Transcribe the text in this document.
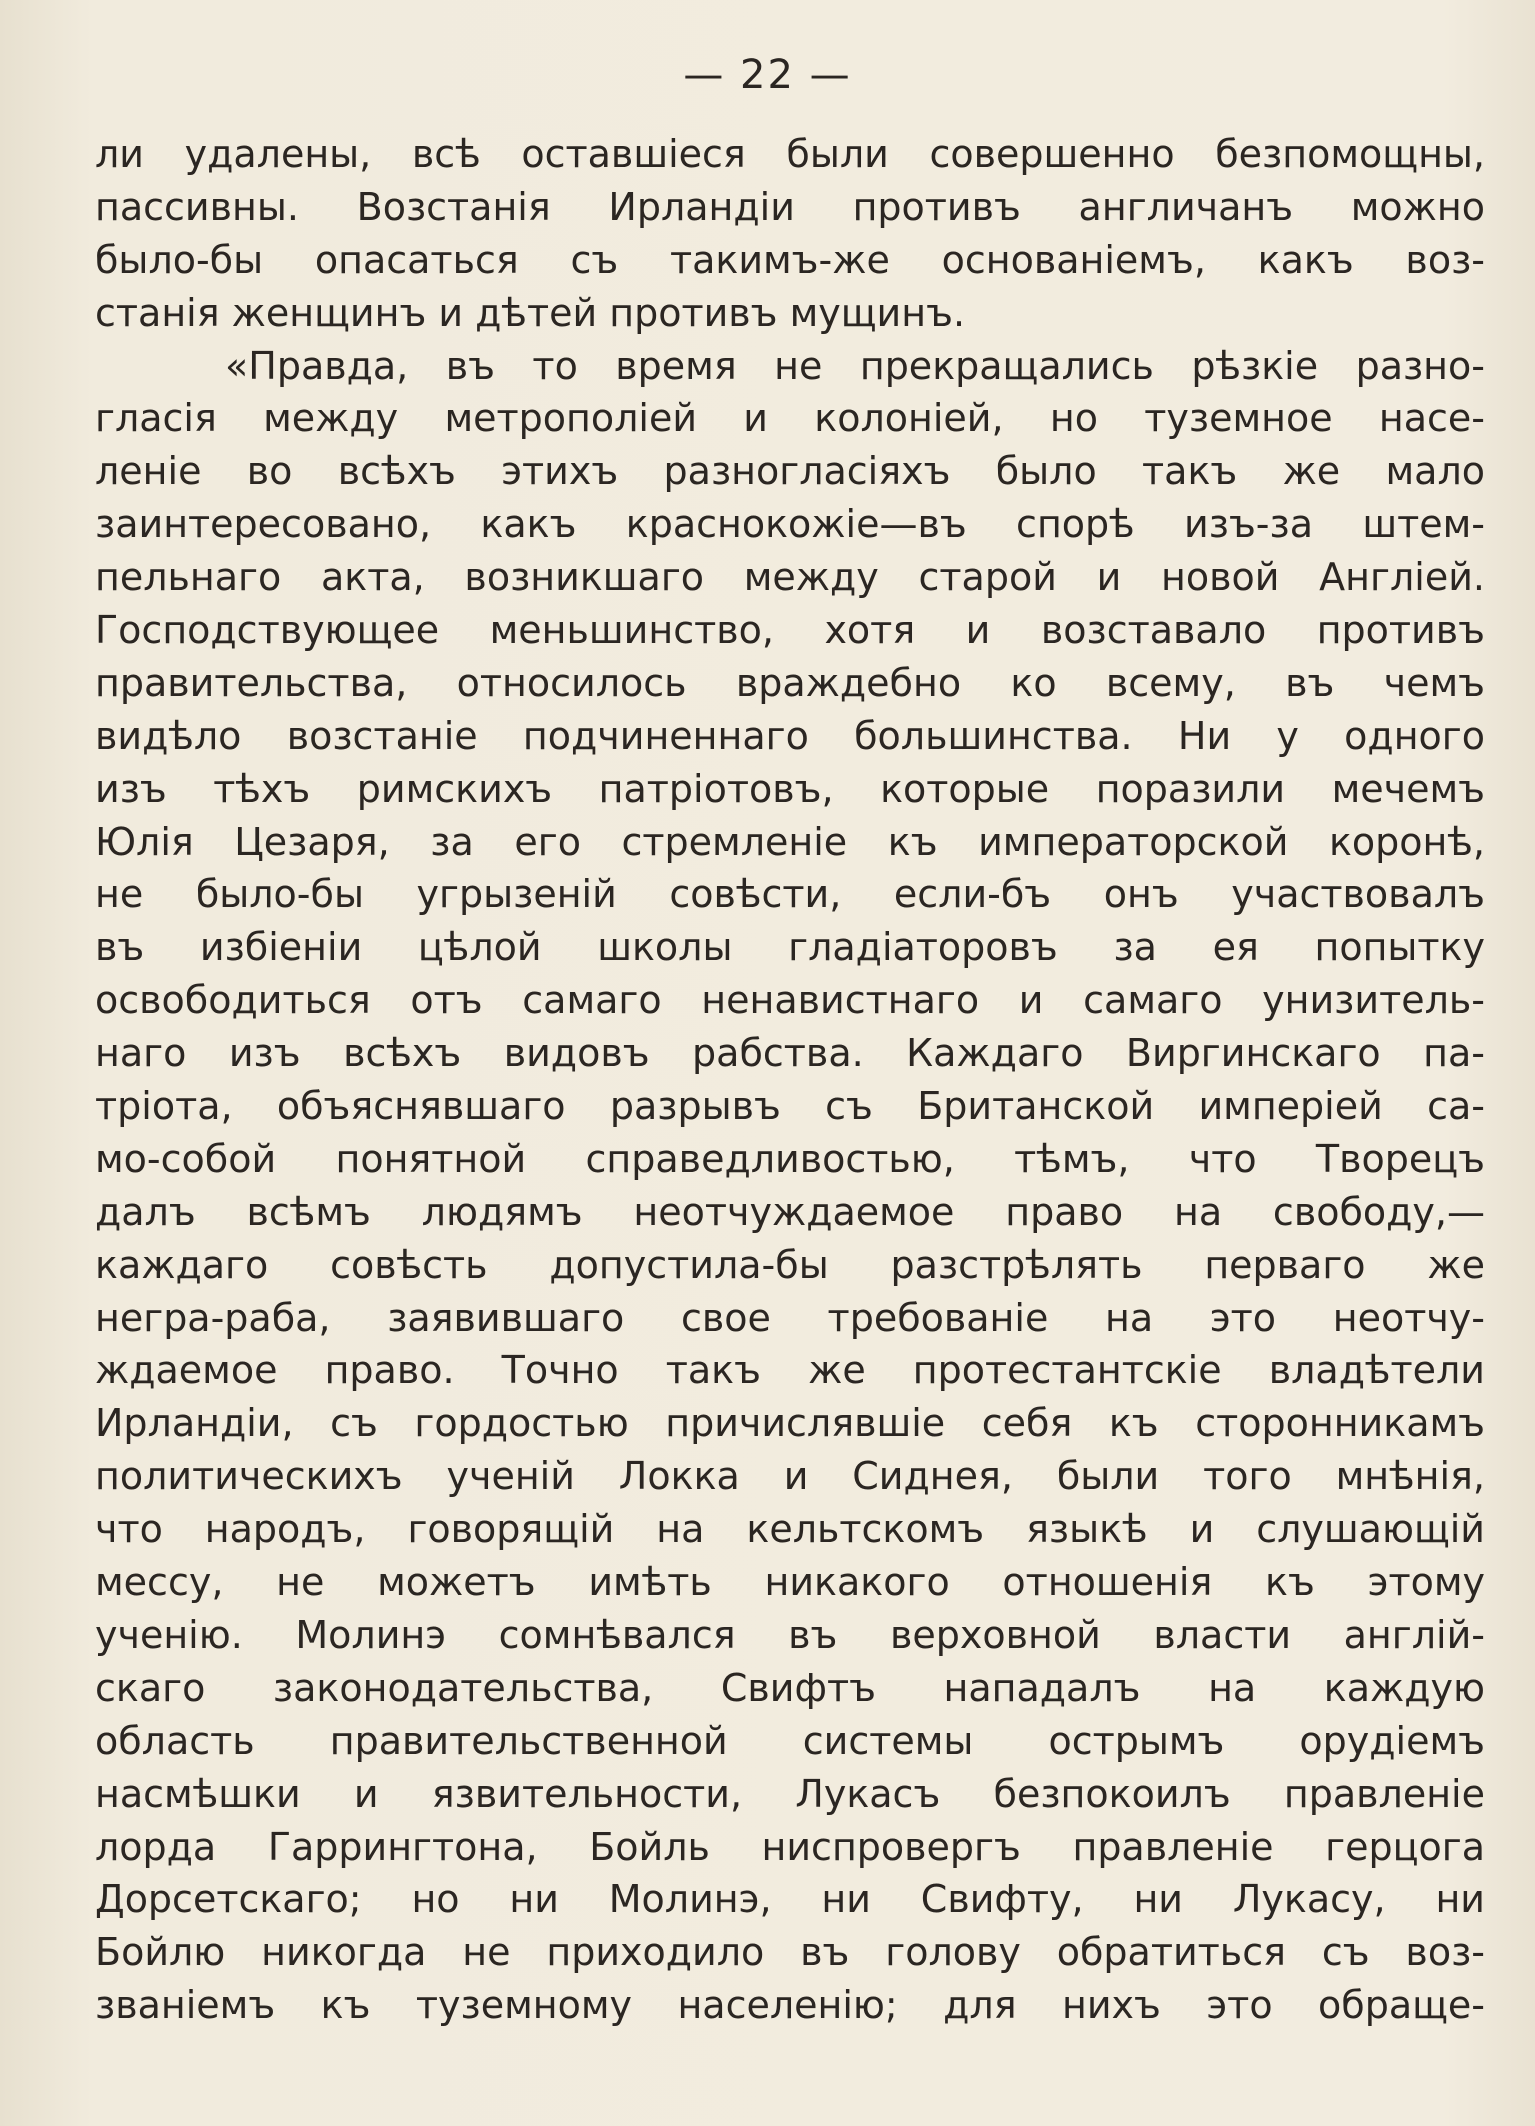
— 22 —
ли удалены, всѣ оставшіеся были совершенно безпомощны,
пассивны. Возстанія Ирландіи противъ англичанъ можно
было-бы опасаться съ такимъ-же основаніемъ, какъ воз-
станія женщинъ и дѣтей противъ мущинъ.
«Правда, въ то время не прекращались рѣзкіе разно-
гласія между метрополіей и колоніей, но туземное насе-
леніе во всѣхъ этихъ разногласіяхъ было такъ же мало
заинтересовано, какъ краснокожіе—въ спорѣ изъ-за штем-
пельнаго акта, возникшаго между старой и новой Англіей.
Господствующее меньшинство, хотя и возставало противъ
правительства, относилось враждебно ко всему, въ чемъ
видѣло возстаніе подчиненнаго большинства. Ни у одного
изъ тѣхъ римскихъ патріотовъ, которые поразили мечемъ
Юлія Цезаря, за его стремленіе къ императорской коронѣ,
не было-бы угрызеній совѣсти, если-бъ онъ участвовалъ
въ избіеніи цѣлой школы гладіаторовъ за ея попытку
освободиться отъ самаго ненавистнаго и самаго унизитель-
наго изъ всѣхъ видовъ рабства. Каждаго Виргинскаго па-
тріота, объяснявшаго разрывъ съ Британской имперіей са-
мо-собой понятной справедливостью, тѣмъ, что Творецъ
далъ всѣмъ людямъ неотчуждаемое право на свободу,—
каждаго совѣсть допустила-бы разстрѣлять перваго же
негра-раба, заявившаго свое требованіе на это неотчу-
ждаемое право. Точно такъ же протестантскіе владѣтели
Ирландіи, съ гордостью причислявшіе себя къ сторонникамъ
политическихъ ученій Локка и Сиднея, были того мнѣнія,
что народъ, говорящій на кельтскомъ языкѣ и слушающій
мессу, не можетъ имѣть никакого отношенія къ этому
ученію. Молинэ сомнѣвался въ верховной власти англій-
скаго законодательства, Свифтъ нападалъ на каждую
область правительственной системы острымъ орудіемъ
насмѣшки и язвительности, Лукасъ безпокоилъ правленіе
лорда Гаррингтона, Бойль ниспровергъ правленіе герцога
Дорсетскаго; но ни Молинэ, ни Свифту, ни Лукасу, ни
Бойлю никогда не приходило въ голову обратиться съ воз-
званіемъ къ туземному населенію; для нихъ это обраще-
